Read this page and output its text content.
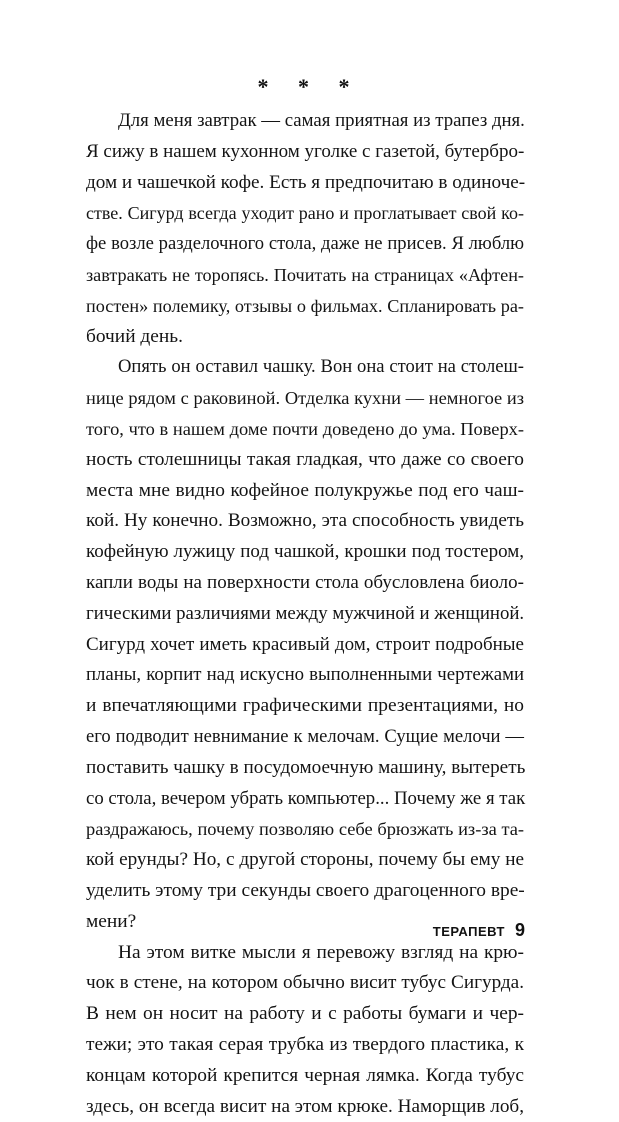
* * *
Для меня завтрак — самая приятная из трапез дня.
Я сижу в нашем кухонном уголке с газетой, бутербро-
дом и чашечкой кофе. Есть я предпочитаю в одиноче-
стве. Сигурд всегда уходит рано и проглатывает свой ко-
фе возле разделочного стола, даже не присев. Я люблю
завтракать не торопясь. Почитать на страницах «Афтен-
постен» полемику, отзывы о фильмах. Спланировать ра-
бочий день.
Опять он оставил чашку. Вон она стоит на столеш-
нице рядом с раковиной. Отделка кухни — немногое из
того, что в нашем доме почти доведено до ума. Поверх-
ность столешницы такая гладкая, что даже со своего
места мне видно кофейное полукружье под его чаш-
кой. Ну конечно. Возможно, эта способность увидеть
кофейную лужицу под чашкой, крошки под тостером,
капли воды на поверхности стола обусловлена биоло-
гическими различиями между мужчиной и женщиной.
Сигурд хочет иметь красивый дом, строит подробные
планы, корпит над искусно выполненными чертежами
и впечатляющими графическими презентациями, но
его подводит невнимание к мелочам. Сущие мелочи —
поставить чашку в посудомоечную машину, вытереть
со стола, вечером убрать компьютер... Почему же я так
раздражаюсь, почему позволяю себе брюзжать из-за та-
кой ерунды? Но, с другой стороны, почему бы ему не
уделить этому три секунды своего драгоценного вре-
мени?
На этом витке мысли я перевожу взгляд на крю-
чок в стене, на котором обычно висит тубус Сигурда.
В нем он носит на работу и с работы бумаги и чер-
тежи; это такая серая трубка из твердого пластика, к
концам которой крепится черная лямка. Когда тубус
здесь, он всегда висит на этом крюке. Наморщив лоб,
ТЕРАПЕВТ 9
